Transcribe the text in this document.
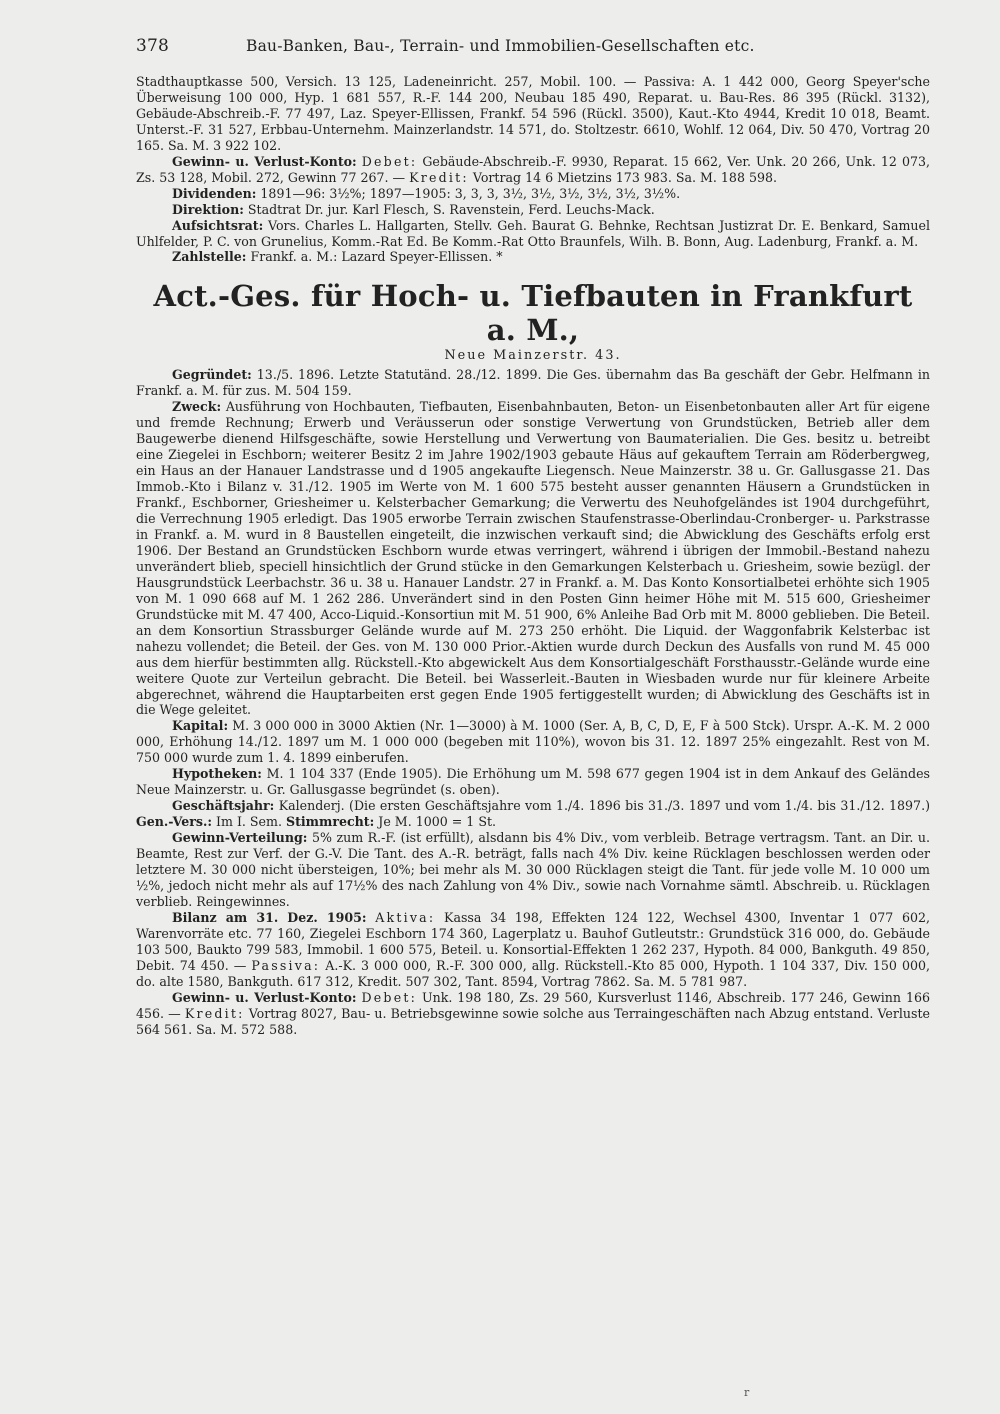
378	Bau-Banken, Bau-, Terrain- und Immobilien-Gesellschaften etc.

Stadthauptkasse 500, Versich. 13 125, Ladeneinricht. 257, Mobil. 100. — Passiva: A. 1 442 000, Georg Speyer'sche Überweisung 100 000, Hyp. 1 681 557, R.-F. 144 200, Neubau 185 490, Reparat. u. Bau-Res. 86 395 (Rückl. 3132), Gebäude-Abschreib.-F. 77 497, Laz. Speyer-Ellissen, Frankf. 54 596 (Rückl. 3500), Kaut.-Kto 4944, Kredit 10 018, Beamt. Unterst.-F. 31 527, Erbbau-Unternehm. Mainzerlandstr. 14 571, do. Stoltzestr. 6610, Wohlf. 12 064, Div. 50 470, Vortrag 20 165. Sa. M. 3 922 102.

Gewinn- u. Verlust-Konto: Debet: Gebäude-Abschreib.-F. 9930, Reparat. 15 662, Ver. Unk. 20 266, Unk. 12 073, Zs. 53 128, Mobil. 272, Gewinn 77 267. — Kredit: Vortrag 14 6 Mietzins 173 983. Sa. M. 188 598.

Dividenden: 1891—96: 3½%; 1897—1905: 3, 3, 3, 3½, 3½, 3½, 3½, 3½, 3½%.

Direktion: Stadtrat Dr. jur. Karl Flesch, S. Ravenstein, Ferd. Leuchs-Mack.

Aufsichtsrat: Vors. Charles L. Hallgarten, Stellv. Geh. Baurat G. Behnke, Rechtsan Justizrat Dr. E. Benkard, Samuel Uhlfelder, P. C. von Grunelius, Komm.-Rat Ed. Be Komm.-Rat Otto Braunfels, Wilh. B. Bonn, Aug. Ladenburg, Frankf. a. M.

Zahlstelle: Frankf. a. M.: Lazard Speyer-Ellissen. *

Act.-Ges. für Hoch- u. Tiefbauten in Frankfurt a. M.,
Neue Mainzerstr. 43.

Gegründet: 13./5. 1896. Letzte Statutänd. 28./12. 1899. Die Ges. übernahm das Ba geschäft der Gebr. Helfmann in Frankf. a. M. für zus. M. 504 159.

Zweck: Ausführung von Hochbauten, Tiefbauten, Eisenbahnbauten, Beton- un Eisenbetonbauten aller Art für eigene und fremde Rechnung; Erwerb und Veräusserun oder sonstige Verwertung von Grundstücken, Betrieb aller dem Baugewerbe dienend Hilfsgeschäfte, sowie Herstellung und Verwertung von Baumaterialien. Die Ges. besitz u. betreibt eine Ziegelei in Eschborn; weiterer Besitz 2 im Jahre 1902/1903 gebaute Häus auf gekauftem Terrain am Röderbergweg, ein Haus an der Hanauer Landstrasse und d 1905 angekaufte Liegensch. Neue Mainzerstr. 38 u. Gr. Gallusgasse 21. Das Immob.-Kto i Bilanz v. 31./12. 1905 im Werte von M. 1 600 575 besteht ausser genannten Häusern a Grundstücken in Frankf., Eschborner, Griesheimer u. Kelsterbacher Gemarkung; die Verwertu des Neuhofgeländes ist 1904 durchgeführt, die Verrechnung 1905 erledigt. Das 1905 erworbe Terrain zwischen Staufenstrasse-Oberlindau-Cronberger- u. Parkstrasse in Frankf. a. M. wurd in 8 Baustellen eingeteilt, die inzwischen verkauft sind; die Abwicklung des Geschäfts erfolg erst 1906. Der Bestand an Grundstücken Eschborn wurde etwas verringert, während i übrigen der Immobil.-Bestand nahezu unverändert blieb, speciell hinsichtlich der Grund stücke in den Gemarkungen Kelsterbach u. Griesheim, sowie bezügl. der Hausgrundstück Leerbachstr. 36 u. 38 u. Hanauer Landstr. 27 in Frankf. a. M. Das Konto Konsortialbetei erhöhte sich 1905 von M. 1 090 668 auf M. 1 262 286. Unverändert sind in den Posten Ginn heimer Höhe mit M. 515 600, Griesheimer Grundstücke mit M. 47 400, Acco-Liquid.-Konsortiun mit M. 51 900, 6% Anleihe Bad Orb mit M. 8000 geblieben. Die Beteil. an dem Konsortiun Strassburger Gelände wurde auf M. 273 250 erhöht. Die Liquid. der Waggonfabrik Kelsterbac ist nahezu vollendet; die Beteil. der Ges. von M. 130 000 Prior.-Aktien wurde durch Deckun des Ausfalls von rund M. 45 000 aus dem hierfür bestimmten allg. Rückstell.-Kto abgewickelt Aus dem Konsortialgeschäft Forsthausstr.-Gelände wurde eine weitere Quote zur Verteilun gebracht. Die Beteil. bei Wasserleit.-Bauten in Wiesbaden wurde nur für kleinere Arbeite abgerechnet, während die Hauptarbeiten erst gegen Ende 1905 fertiggestellt wurden; di Abwicklung des Geschäfts ist in die Wege geleitet.

Kapital: M. 3 000 000 in 3000 Aktien (Nr. 1—3000) à M. 1000 (Ser. A, B, C, D, E, F à 500 Stck). Urspr. A.-K. M. 2 000 000, Erhöhung 14./12. 1897 um M. 1 000 000 (begeben mit 110%), wovon bis 31. 12. 1897 25% eingezahlt. Rest von M. 750 000 wurde zum 1. 4. 1899 einberufen.

Hypotheken: M. 1 104 337 (Ende 1905). Die Erhöhung um M. 598 677 gegen 1904 ist in dem Ankauf des Geländes Neue Mainzerstr. u. Gr. Gallusgasse begründet (s. oben).

Geschäftsjahr: Kalenderj. (Die ersten Geschäftsjahre vom 1./4. 1896 bis 31./3. 1897 und vom 1./4. bis 31./12. 1897.) Gen.-Vers.: Im I. Sem. Stimmrecht: Je M. 1000 = 1 St.

Gewinn-Verteilung: 5% zum R.-F. (ist erfüllt), alsdann bis 4% Div., vom verbleib. Betrage vertragsm. Tant. an Dir. u. Beamte, Rest zur Verf. der G.-V. Die Tant. des A.-R. beträgt, falls nach 4% Div. keine Rücklagen beschlossen werden oder letztere M. 30 000 nicht übersteigen, 10%; bei mehr als M. 30 000 Rücklagen steigt die Tant. für jede volle M. 10 000 um ½%, jedoch nicht mehr als auf 17½% des nach Zahlung von 4% Div., sowie nach Vornahme sämtl. Abschreib. u. Rücklagen verblieb. Reingewinnes.

Bilanz am 31. Dez. 1905: Aktiva: Kassa 34 198, Effekten 124 122, Wechsel 4300, Inventar 1 077 602, Warenvorräte etc. 77 160, Ziegelei Eschborn 174 360, Lagerplatz u. Bauhof Gutleutstr.: Grundstück 316 000, do. Gebäude 103 500, Baukto 799 583, Immobil. 1 600 575, Beteil. u. Konsortial-Effekten 1 262 237, Hypoth. 84 000, Bankguth. 49 850, Debit. 74 450. — Passiva: A.-K. 3 000 000, R.-F. 300 000, allg. Rückstell.-Kto 85 000, Hypoth. 1 104 337, Div. 150 000, do. alte 1580, Bankguth. 617 312, Kredit. 507 302, Tant. 8594, Vortrag 7862. Sa. M. 5 781 987.

Gewinn- u. Verlust-Konto: Debet: Unk. 198 180, Zs. 29 560, Kursverlust 1146, Abschreib. 177 246, Gewinn 166 456. — Kredit: Vortrag 8027, Bau- u. Betriebsgewinne sowie solche aus Terraingeschäften nach Abzug entstand. Verluste 564 561. Sa. M. 572 588.

r
